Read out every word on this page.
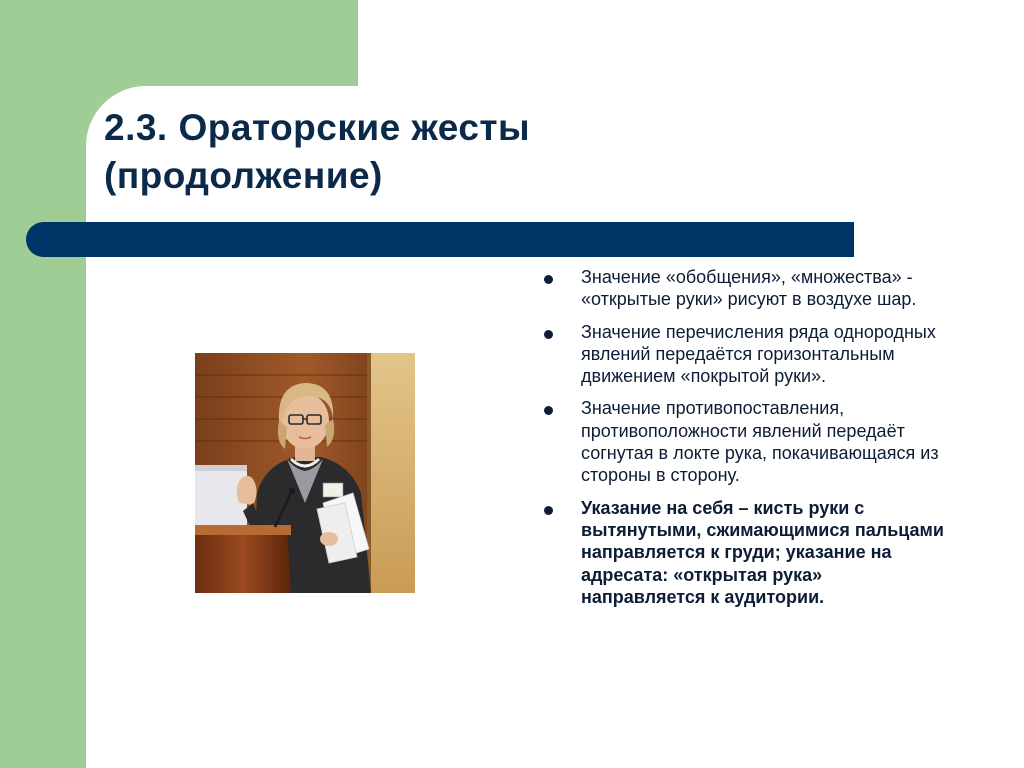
2.3. Ораторские жесты
(продолжение)
Значение «обобщения», «множества» - «открытые руки» рисуют в воздухе шар.
Значение перечисления ряда однородных явлений передаётся горизонтальным движением «покрытой руки».
Значение противопоставления, противоположности явлений передаёт согнутая в локте рука, покачивающаяся из стороны в сторону.
Указание на себя – кисть руки с вытянутыми, сжимающимися пальцами направляется к груди; указание на адресата: «открытая рука» направляется к аудитории.
